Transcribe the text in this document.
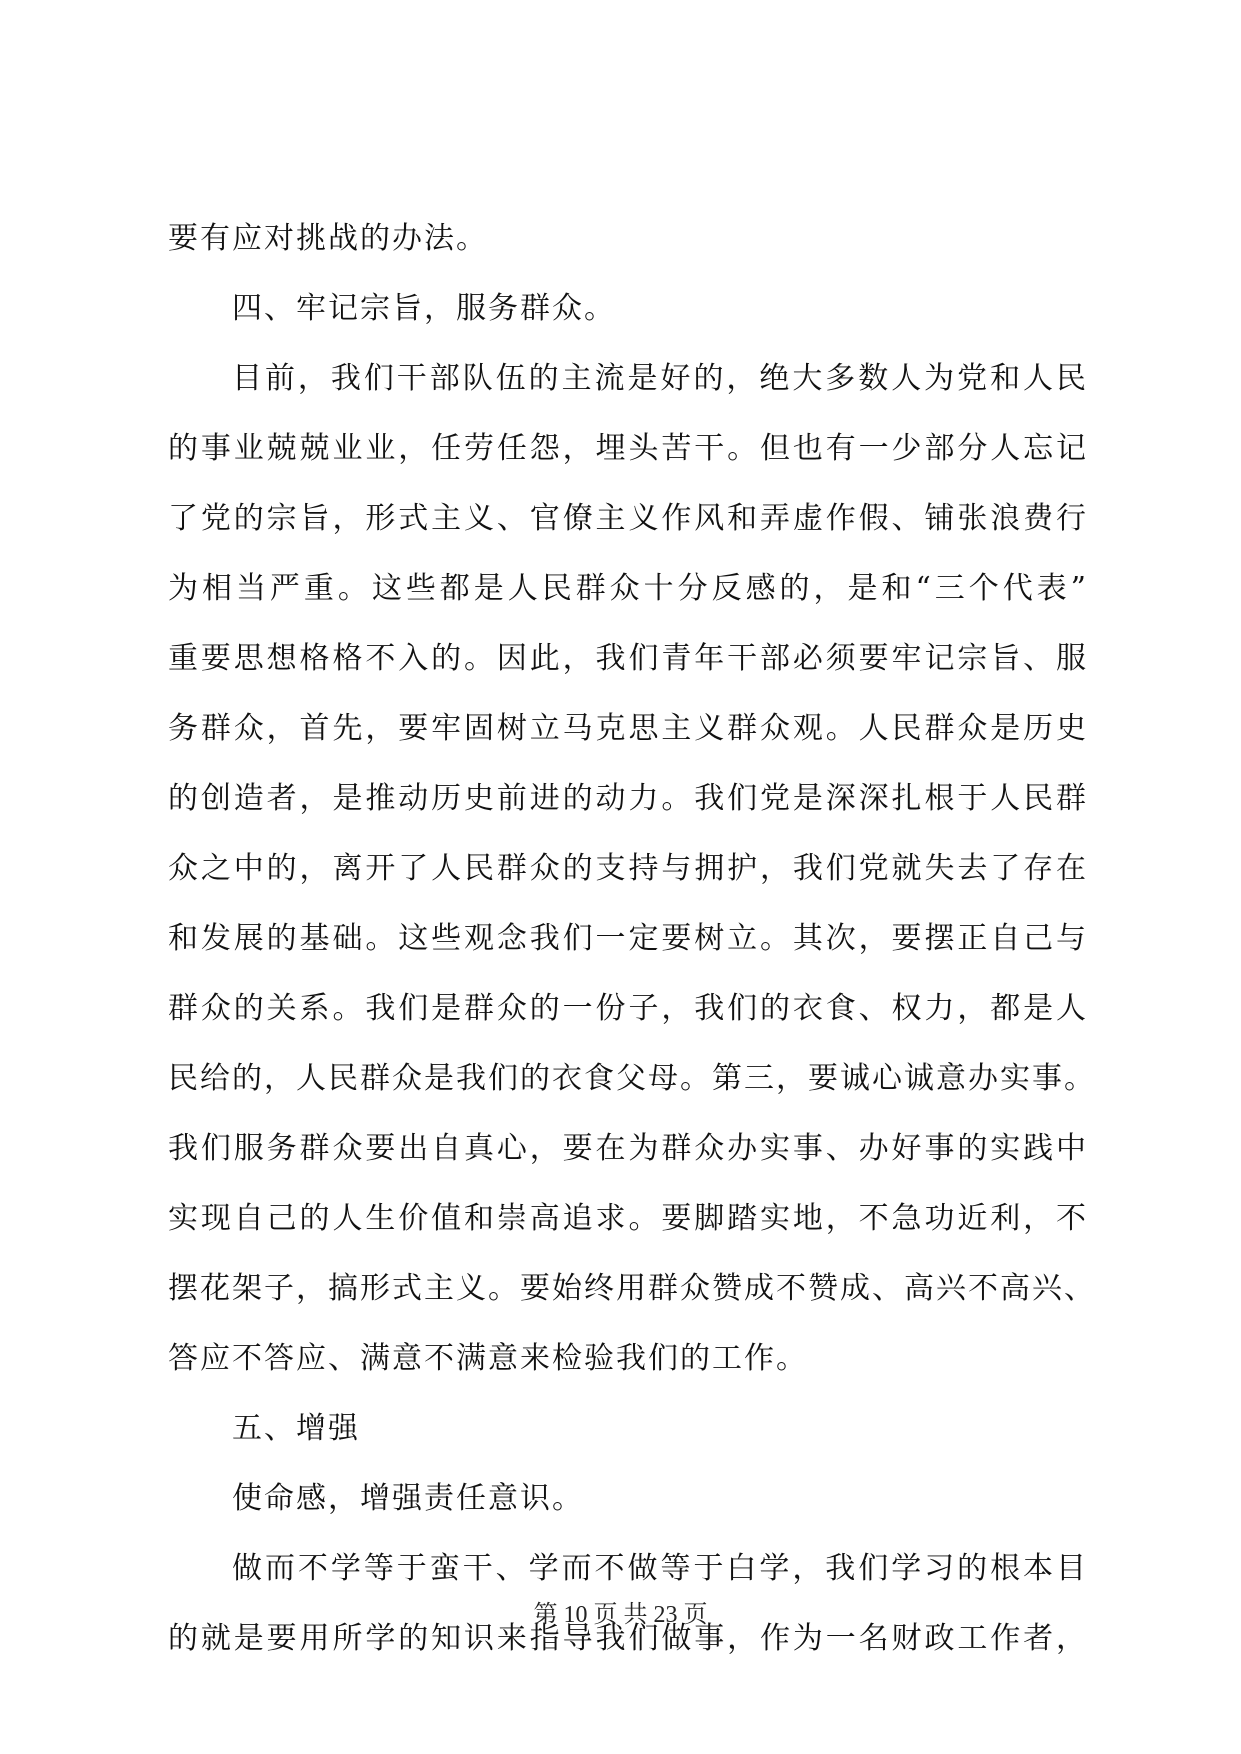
要有应对挑战的办法。
四、牢记宗旨，服务群众。
目前，我们干部队伍的主流是好的，绝大多数人为党和人民
的事业兢兢业业，任劳任怨，埋头苦干。但也有一少部分人忘记
了党的宗旨，形式主义、官僚主义作风和弄虚作假、铺张浪费行
为相当严重。这些都是人民群众十分反感的，是和“三个代表”
重要思想格格不入的。因此，我们青年干部必须要牢记宗旨、服
务群众，首先，要牢固树立马克思主义群众观。人民群众是历史
的创造者，是推动历史前进的动力。我们党是深深扎根于人民群
众之中的，离开了人民群众的支持与拥护，我们党就失去了存在
和发展的基础。这些观念我们一定要树立。其次，要摆正自己与
群众的关系。我们是群众的一份子，我们的衣食、权力，都是人
民给的，人民群众是我们的衣食父母。第三，要诚心诚意办实事。
我们服务群众要出自真心，要在为群众办实事、办好事的实践中
实现自己的人生价值和崇高追求。要脚踏实地，不急功近利，不
摆花架子，搞形式主义。要始终用群众赞成不赞成、高兴不高兴、
答应不答应、满意不满意来检验我们的工作。
五、增强
使命感，增强责任意识。
做而不学等于蛮干、学而不做等于白学，我们学习的根本目
的就是要用所学的知识来指导我们做事，作为一名财政工作者，
第 10 页 共 23 页
